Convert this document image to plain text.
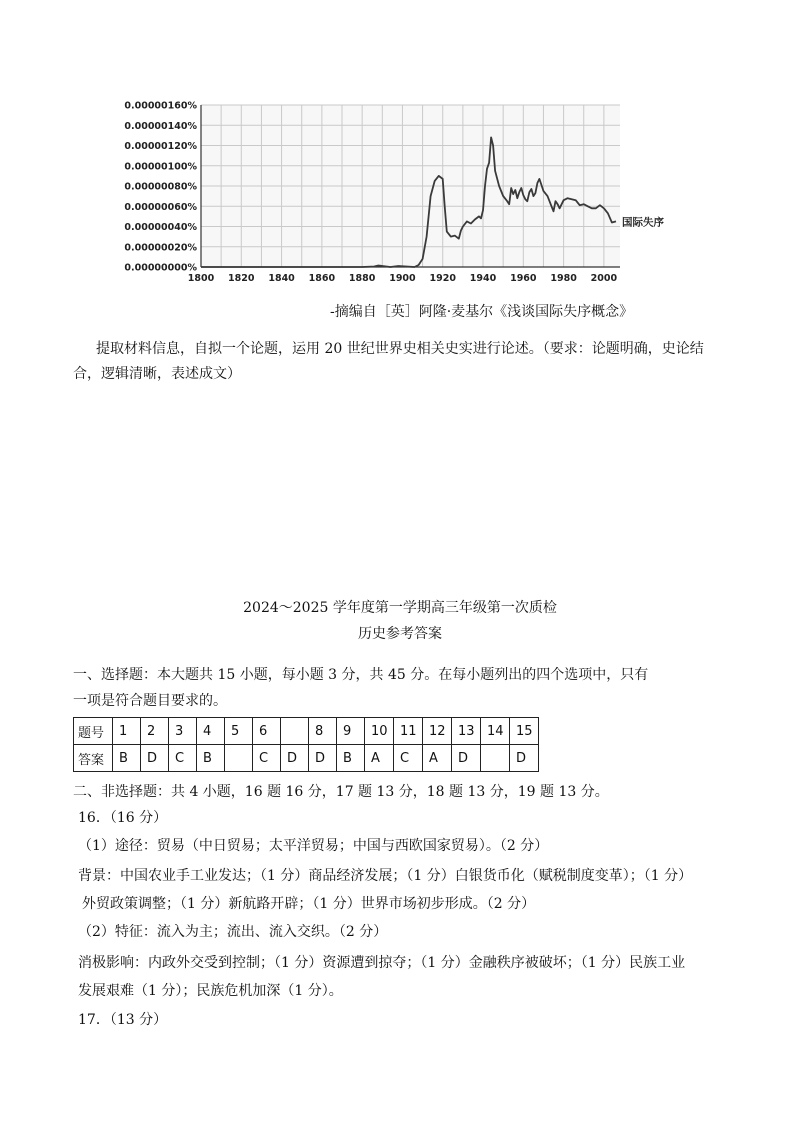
0.00000000%
0.00000020%
0.00000040%
0.00000060%
0.00000080%
0.00000100%
0.00000120%
0.00000140%
0.00000160%
1800 1820 1840 1860 1880 1900 1920 1940 1960 1980 2000
国际失序
-摘编自［英］阿隆·麦基尔《浅谈国际失序概念》
提取材料信息，自拟一个论题，运用 20 世纪世界史相关史实进行论述。（要求：论题明确，史论结
合，逻辑清晰，表述成文）
2024～2025 学年度第一学期高三年级第一次质检
历史参考答案
一、选择题：本大题共 15 小题，每小题 3 分，共 45 分。在每小题列出的四个选项中，只有
一项是符合题目要求的。
题号	1	2	3	4	5	6		8	9	10	11	12	13	14	15
答案	B	D	C	B		C	D	D	B	A	C	A	D		D
二、非选择题：共 4 小题，16 题 16 分，17 题 13 分，18 题 13 分，19 题 13 分。
16．（16 分）
（1）途径：贸易（中日贸易；太平洋贸易；中国与西欧国家贸易）。（2 分）
背景：中国农业手工业发达；（1 分）商品经济发展；（1 分）白银货币化（赋税制度变革）；（1 分）
外贸政策调整；（1 分）新航路开辟；（1 分）世界市场初步形成。（2 分）
（2）特征：流入为主；流出、流入交织。（2 分）
消极影响：内政外交受到控制；（1 分）资源遭到掠夺；（1 分）金融秩序被破坏；（1 分）民族工业
发展艰难（1 分）；民族危机加深（1 分）。
17．（13 分）
